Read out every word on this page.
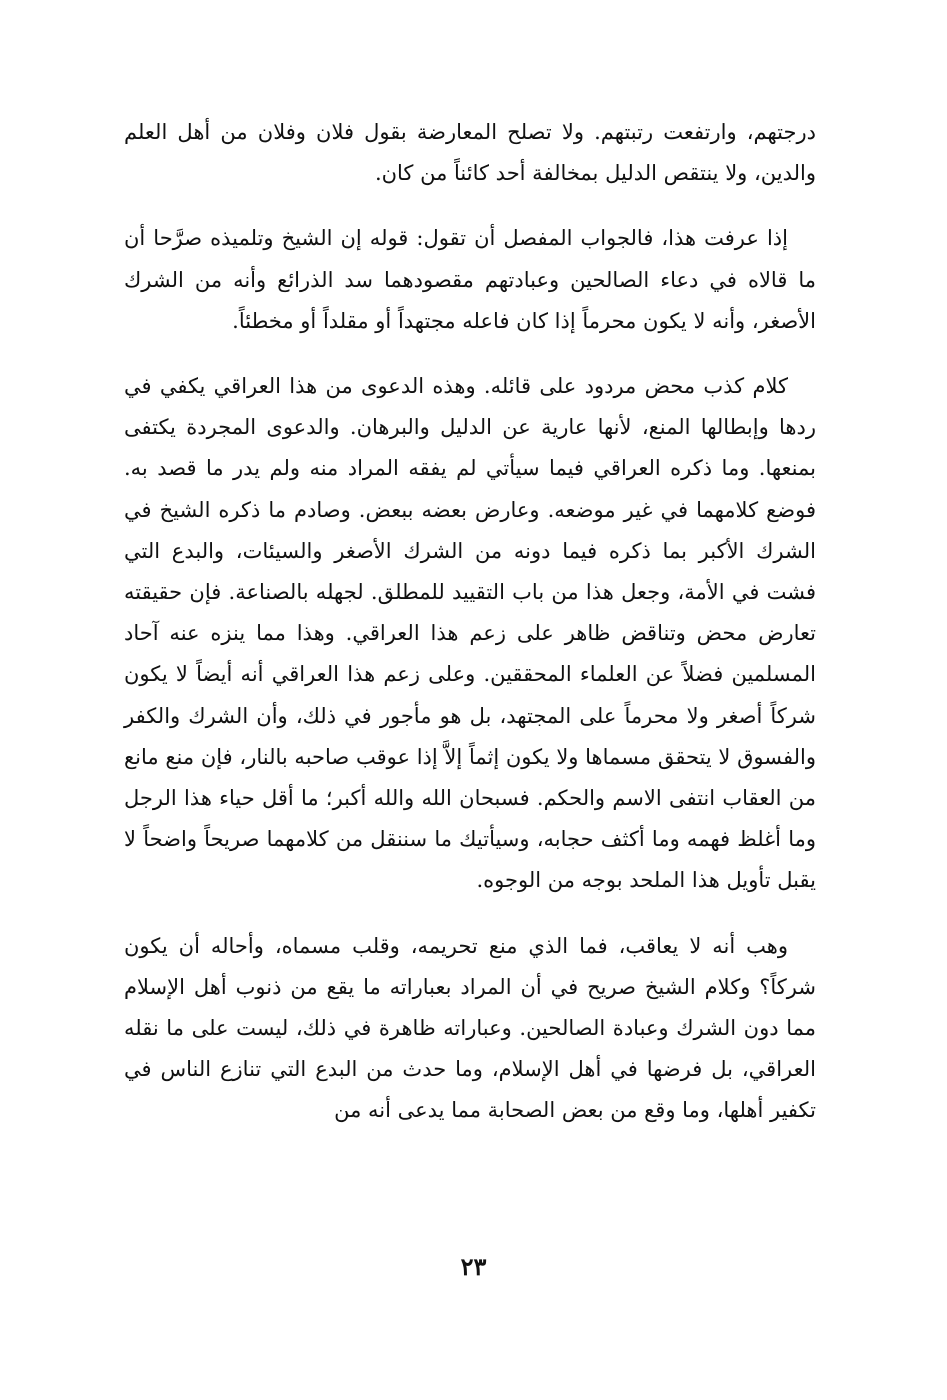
درجتهم، وارتفعت رتبتهم. ولا تصلح المعارضة بقول فلان وفلان من أهل العلم والدين، ولا ينتقص الدليل بمخالفة أحد كائناً من كان.

إذا عرفت هذا، فالجواب المفصل أن تقول: قوله إن الشيخ وتلميذه صرَّحا أن ما قالاه في دعاء الصالحين وعبادتهم مقصودهما سد الذرائع وأنه من الشرك الأصغر، وأنه لا يكون محرماً إذا كان فاعله مجتهداً أو مقلداً أو مخطئاً.

كلام كذب محض مردود على قائله. وهذه الدعوى من هذا العراقي يكفي في ردها وإبطالها المنع، لأنها عارية عن الدليل والبرهان. والدعوى المجردة يكتفى بمنعها. وما ذكره العراقي فيما سيأتي لم يفقه المراد منه ولم يدر ما قصد به. فوضع كلامهما في غير موضعه. وعارض بعضه ببعض. وصادم ما ذكره الشيخ في الشرك الأكبر بما ذكره فيما دونه من الشرك الأصغر والسيئات، والبدع التي فشت في الأمة، وجعل هذا من باب التقييد للمطلق. لجهله بالصناعة. فإن حقيقته تعارض محض وتناقض ظاهر على زعم هذا العراقي. وهذا مما ينزه عنه آحاد المسلمين فضلاً عن العلماء المحققين. وعلى زعم هذا العراقي أنه أيضاً لا يكون شركاً أصغر ولا محرماً على المجتهد، بل هو مأجور في ذلك، وأن الشرك والكفر والفسوق لا يتحقق مسماها ولا يكون إثماً إلاَّ إذا عوقب صاحبه بالنار، فإن منع مانع من العقاب انتفى الاسم والحكم. فسبحان الله والله أكبر؛ ما أقل حياء هذا الرجل وما أغلظ فهمه وما أكثف حجابه، وسيأتيك ما سننقل من كلامهما صريحاً واضحاً لا يقبل تأويل هذا الملحد بوجه من الوجوه.

وهب أنه لا يعاقب، فما الذي منع تحريمه، وقلب مسماه، وأحاله أن يكون شركاً؟ وكلام الشيخ صريح في أن المراد بعباراته ما يقع من ذنوب أهل الإسلام مما دون الشرك وعبادة الصالحين. وعباراته ظاهرة في ذلك، ليست على ما نقله العراقي، بل فرضها في أهل الإسلام، وما حدث من البدع التي تنازع الناس في تكفير أهلها، وما وقع من بعض الصحابة مما يدعى أنه من

٢٣
